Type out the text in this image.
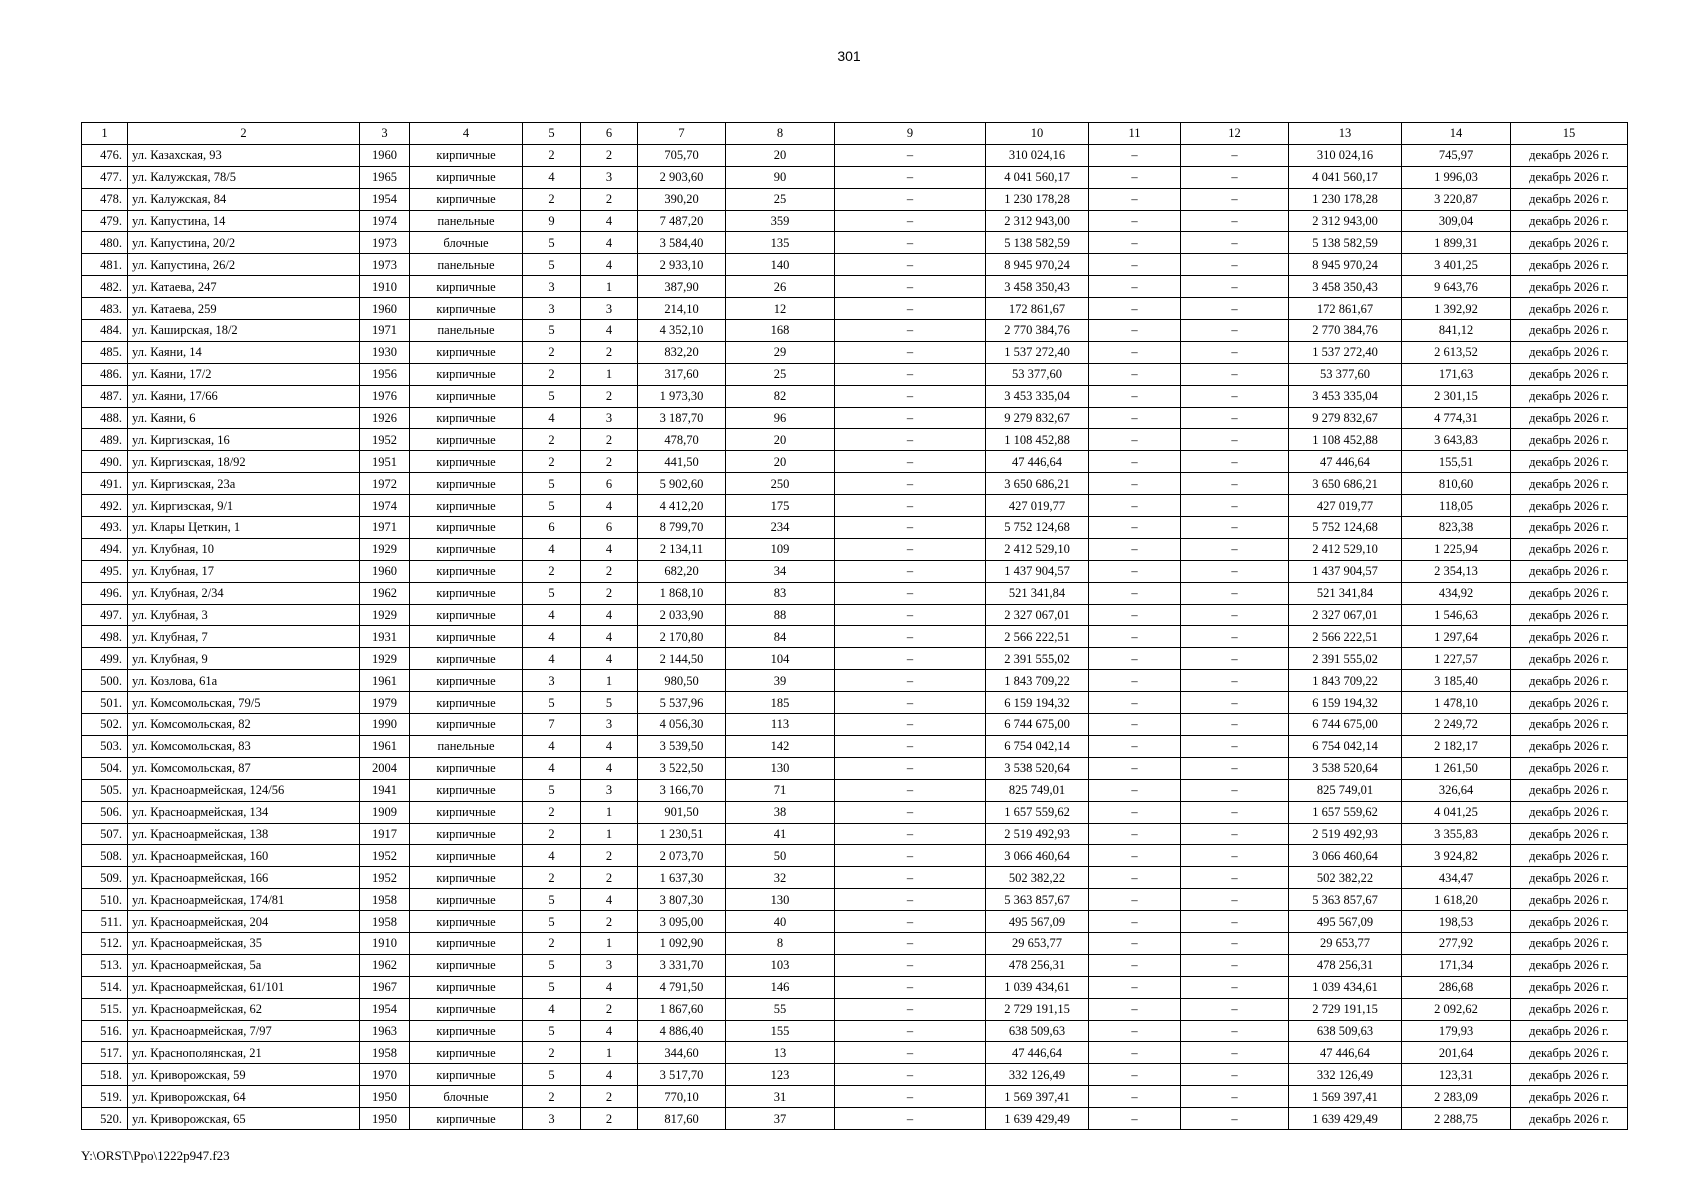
301
1	2	3	4	5	6	7	8	9	10	11	12	13	14	15
476.	ул. Казахская, 93	1960	кирпичные	2	2	705,70	20	–	310 024,16	–	–	310 024,16	745,97	декабрь 2026 г.
477.	ул. Калужская, 78/5	1965	кирпичные	4	3	2 903,60	90	–	4 041 560,17	–	–	4 041 560,17	1 996,03	декабрь 2026 г.
478.	ул. Калужская, 84	1954	кирпичные	2	2	390,20	25	–	1 230 178,28	–	–	1 230 178,28	3 220,87	декабрь 2026 г.
479.	ул. Капустина, 14	1974	панельные	9	4	7 487,20	359	–	2 312 943,00	–	–	2 312 943,00	309,04	декабрь 2026 г.
480.	ул. Капустина, 20/2	1973	блочные	5	4	3 584,40	135	–	5 138 582,59	–	–	5 138 582,59	1 899,31	декабрь 2026 г.
481.	ул. Капустина, 26/2	1973	панельные	5	4	2 933,10	140	–	8 945 970,24	–	–	8 945 970,24	3 401,25	декабрь 2026 г.
482.	ул. Катаева, 247	1910	кирпичные	3	1	387,90	26	–	3 458 350,43	–	–	3 458 350,43	9 643,76	декабрь 2026 г.
483.	ул. Катаева, 259	1960	кирпичные	3	3	214,10	12	–	172 861,67	–	–	172 861,67	1 392,92	декабрь 2026 г.
484.	ул. Каширская, 18/2	1971	панельные	5	4	4 352,10	168	–	2 770 384,76	–	–	2 770 384,76	841,12	декабрь 2026 г.
485.	ул. Каяни, 14	1930	кирпичные	2	2	832,20	29	–	1 537 272,40	–	–	1 537 272,40	2 613,52	декабрь 2026 г.
486.	ул. Каяни, 17/2	1956	кирпичные	2	1	317,60	25	–	53 377,60	–	–	53 377,60	171,63	декабрь 2026 г.
487.	ул. Каяни, 17/66	1976	кирпичные	5	2	1 973,30	82	–	3 453 335,04	–	–	3 453 335,04	2 301,15	декабрь 2026 г.
488.	ул. Каяни, 6	1926	кирпичные	4	3	3 187,70	96	–	9 279 832,67	–	–	9 279 832,67	4 774,31	декабрь 2026 г.
489.	ул. Киргизская, 16	1952	кирпичные	2	2	478,70	20	–	1 108 452,88	–	–	1 108 452,88	3 643,83	декабрь 2026 г.
490.	ул. Киргизская, 18/92	1951	кирпичные	2	2	441,50	20	–	47 446,64	–	–	47 446,64	155,51	декабрь 2026 г.
491.	ул. Киргизская, 23а	1972	кирпичные	5	6	5 902,60	250	–	3 650 686,21	–	–	3 650 686,21	810,60	декабрь 2026 г.
492.	ул. Киргизская, 9/1	1974	кирпичные	5	4	4 412,20	175	–	427 019,77	–	–	427 019,77	118,05	декабрь 2026 г.
493.	ул. Клары Цеткин, 1	1971	кирпичные	6	6	8 799,70	234	–	5 752 124,68	–	–	5 752 124,68	823,38	декабрь 2026 г.
494.	ул. Клубная, 10	1929	кирпичные	4	4	2 134,11	109	–	2 412 529,10	–	–	2 412 529,10	1 225,94	декабрь 2026 г.
495.	ул. Клубная, 17	1960	кирпичные	2	2	682,20	34	–	1 437 904,57	–	–	1 437 904,57	2 354,13	декабрь 2026 г.
496.	ул. Клубная, 2/34	1962	кирпичные	5	2	1 868,10	83	–	521 341,84	–	–	521 341,84	434,92	декабрь 2026 г.
497.	ул. Клубная, 3	1929	кирпичные	4	4	2 033,90	88	–	2 327 067,01	–	–	2 327 067,01	1 546,63	декабрь 2026 г.
498.	ул. Клубная, 7	1931	кирпичные	4	4	2 170,80	84	–	2 566 222,51	–	–	2 566 222,51	1 297,64	декабрь 2026 г.
499.	ул. Клубная, 9	1929	кирпичные	4	4	2 144,50	104	–	2 391 555,02	–	–	2 391 555,02	1 227,57	декабрь 2026 г.
500.	ул. Козлова, 61а	1961	кирпичные	3	1	980,50	39	–	1 843 709,22	–	–	1 843 709,22	3 185,40	декабрь 2026 г.
501.	ул. Комсомольская, 79/5	1979	кирпичные	5	5	5 537,96	185	–	6 159 194,32	–	–	6 159 194,32	1 478,10	декабрь 2026 г.
502.	ул. Комсомольская, 82	1990	кирпичные	7	3	4 056,30	113	–	6 744 675,00	–	–	6 744 675,00	2 249,72	декабрь 2026 г.
503.	ул. Комсомольская, 83	1961	панельные	4	4	3 539,50	142	–	6 754 042,14	–	–	6 754 042,14	2 182,17	декабрь 2026 г.
504.	ул. Комсомольская, 87	2004	кирпичные	4	4	3 522,50	130	–	3 538 520,64	–	–	3 538 520,64	1 261,50	декабрь 2026 г.
505.	ул. Красноармейская, 124/56	1941	кирпичные	5	3	3 166,70	71	–	825 749,01	–	–	825 749,01	326,64	декабрь 2026 г.
506.	ул. Красноармейская, 134	1909	кирпичные	2	1	901,50	38	–	1 657 559,62	–	–	1 657 559,62	4 041,25	декабрь 2026 г.
507.	ул. Красноармейская, 138	1917	кирпичные	2	1	1 230,51	41	–	2 519 492,93	–	–	2 519 492,93	3 355,83	декабрь 2026 г.
508.	ул. Красноармейская, 160	1952	кирпичные	4	2	2 073,70	50	–	3 066 460,64	–	–	3 066 460,64	3 924,82	декабрь 2026 г.
509.	ул. Красноармейская, 166	1952	кирпичные	2	2	1 637,30	32	–	502 382,22	–	–	502 382,22	434,47	декабрь 2026 г.
510.	ул. Красноармейская, 174/81	1958	кирпичные	5	4	3 807,30	130	–	5 363 857,67	–	–	5 363 857,67	1 618,20	декабрь 2026 г.
511.	ул. Красноармейская, 204	1958	кирпичные	5	2	3 095,00	40	–	495 567,09	–	–	495 567,09	198,53	декабрь 2026 г.
512.	ул. Красноармейская, 35	1910	кирпичные	2	1	1 092,90	8	–	29 653,77	–	–	29 653,77	277,92	декабрь 2026 г.
513.	ул. Красноармейская, 5а	1962	кирпичные	5	3	3 331,70	103	–	478 256,31	–	–	478 256,31	171,34	декабрь 2026 г.
514.	ул. Красноармейская, 61/101	1967	кирпичные	5	4	4 791,50	146	–	1 039 434,61	–	–	1 039 434,61	286,68	декабрь 2026 г.
515.	ул. Красноармейская, 62	1954	кирпичные	4	2	1 867,60	55	–	2 729 191,15	–	–	2 729 191,15	2 092,62	декабрь 2026 г.
516.	ул. Красноармейская, 7/97	1963	кирпичные	5	4	4 886,40	155	–	638 509,63	–	–	638 509,63	179,93	декабрь 2026 г.
517.	ул. Краснополянская, 21	1958	кирпичные	2	1	344,60	13	–	47 446,64	–	–	47 446,64	201,64	декабрь 2026 г.
518.	ул. Криворожская, 59	1970	кирпичные	5	4	3 517,70	123	–	332 126,49	–	–	332 126,49	123,31	декабрь 2026 г.
519.	ул. Криворожская, 64	1950	блочные	2	2	770,10	31	–	1 569 397,41	–	–	1 569 397,41	2 283,09	декабрь 2026 г.
520.	ул. Криворожская, 65	1950	кирпичные	3	2	817,60	37	–	1 639 429,49	–	–	1 639 429,49	2 288,75	декабрь 2026 г.
Y:\ORST\Ppo\1222p947.f23
